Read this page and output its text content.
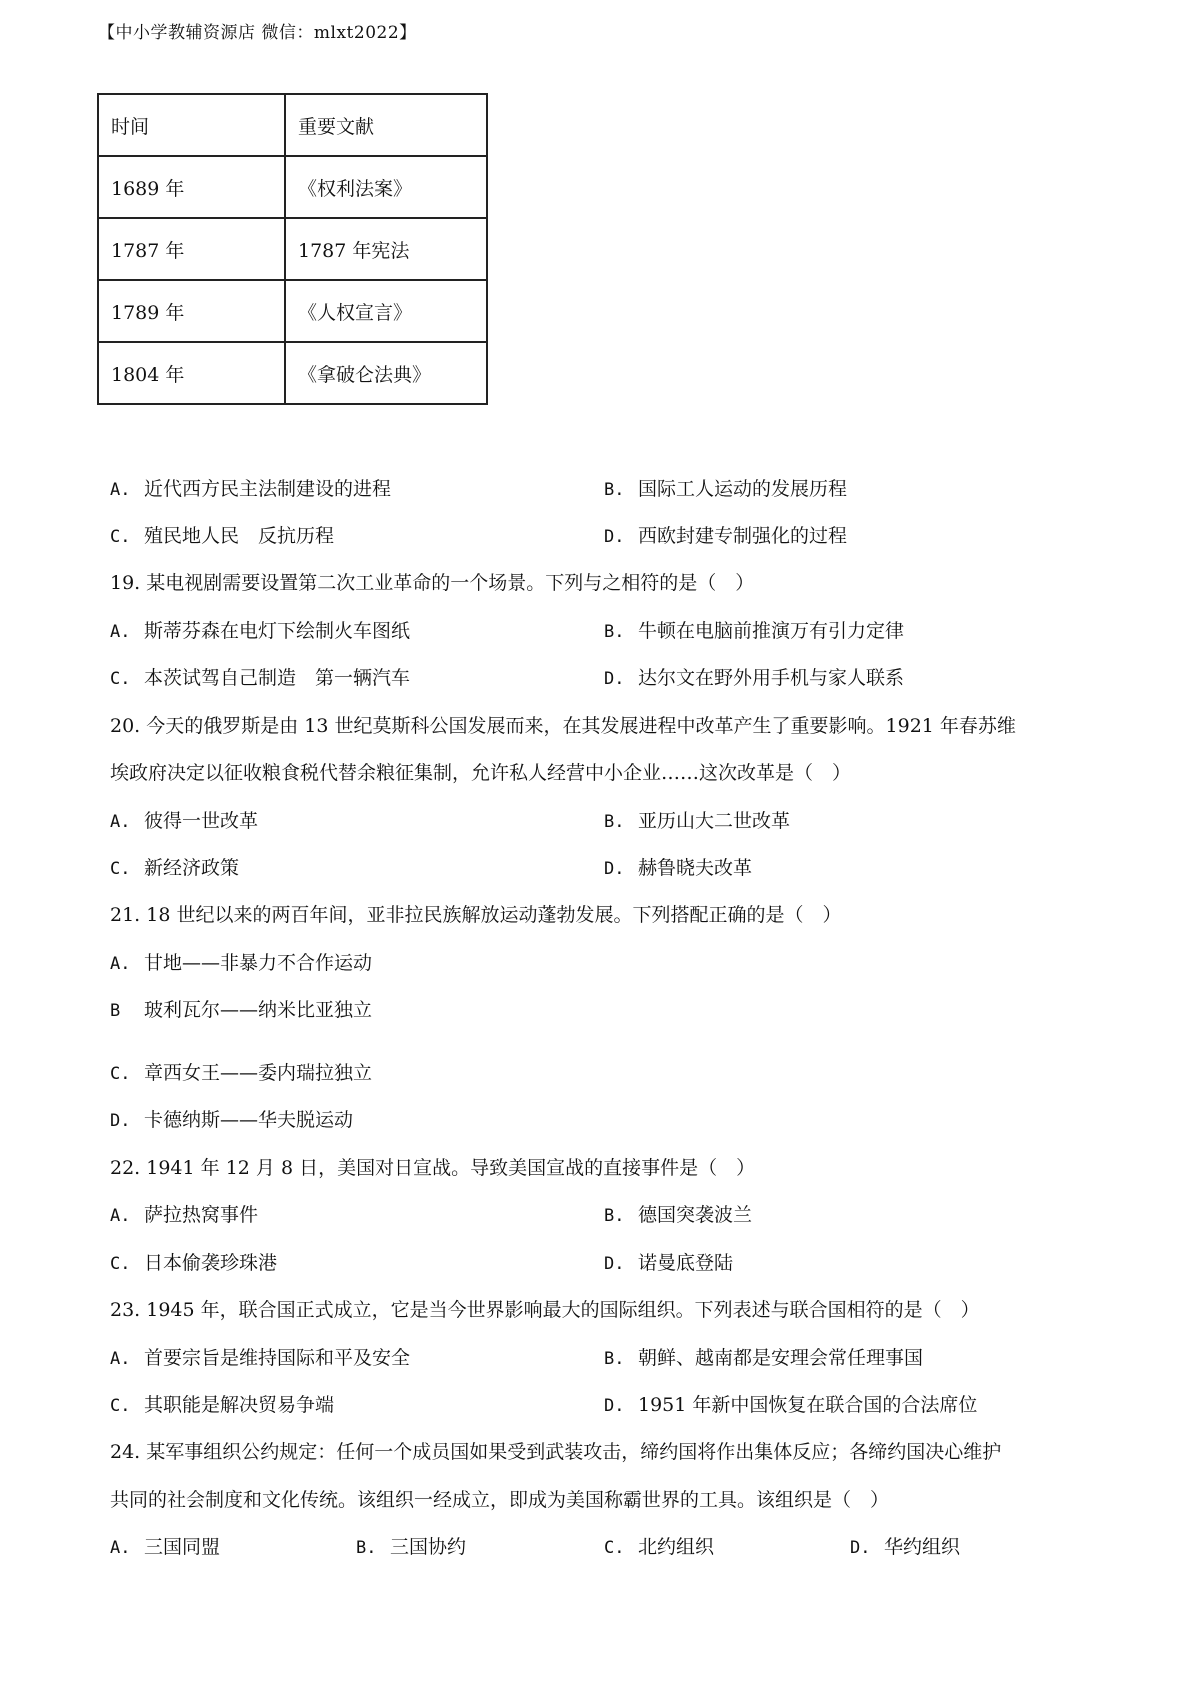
【中小学教辅资源店 微信：mlxt2022】
时间	重要文献
1689 年	《权利法案》
1787 年	1787 年宪法
1789 年	《人权宣言》
1804 年	《拿破仑法典》
A. 近代西方民主法制建设的进程	B. 国际工人运动的发展历程
C. 殖民地人民　反抗历程	D. 西欧封建专制强化的过程
19. 某电视剧需要设置第二次工业革命的一个场景。下列与之相符的是（　）
A. 斯蒂芬森在电灯下绘制火车图纸	B. 牛顿在电脑前推演万有引力定律
C. 本茨试驾自己制造　第一辆汽车	D. 达尔文在野外用手机与家人联系
20. 今天的俄罗斯是由 13 世纪莫斯科公国发展而来，在其发展进程中改革产生了重要影响。1921 年春苏维
埃政府决定以征收粮食税代替余粮征集制，允许私人经营中小企业……这次改革是（　）
A. 彼得一世改革	B. 亚历山大二世改革
C. 新经济政策	D. 赫鲁晓夫改革
21. 18 世纪以来的两百年间，亚非拉民族解放运动蓬勃发展。下列搭配正确的是（　）
A. 甘地——非暴力不合作运动
B 玻利瓦尔——纳米比亚独立
C. 章西女王——委内瑞拉独立
D. 卡德纳斯——华夫脱运动
22. 1941 年 12 月 8 日，美国对日宣战。导致美国宣战的直接事件是（　）
A. 萨拉热窝事件	B. 德国突袭波兰
C. 日本偷袭珍珠港	D. 诺曼底登陆
23. 1945 年，联合国正式成立，它是当今世界影响最大的国际组织。下列表述与联合国相符的是（　）
A. 首要宗旨是维持国际和平及安全	B. 朝鲜、越南都是安理会常任理事国
C. 其职能是解决贸易争端	D. 1951 年新中国恢复在联合国的合法席位
24. 某军事组织公约规定：任何一个成员国如果受到武装攻击，缔约国将作出集体反应；各缔约国决心维护
共同的社会制度和文化传统。该组织一经成立，即成为美国称霸世界的工具。该组织是（　）
A. 三国同盟	B. 三国协约	C. 北约组织	D. 华约组织
